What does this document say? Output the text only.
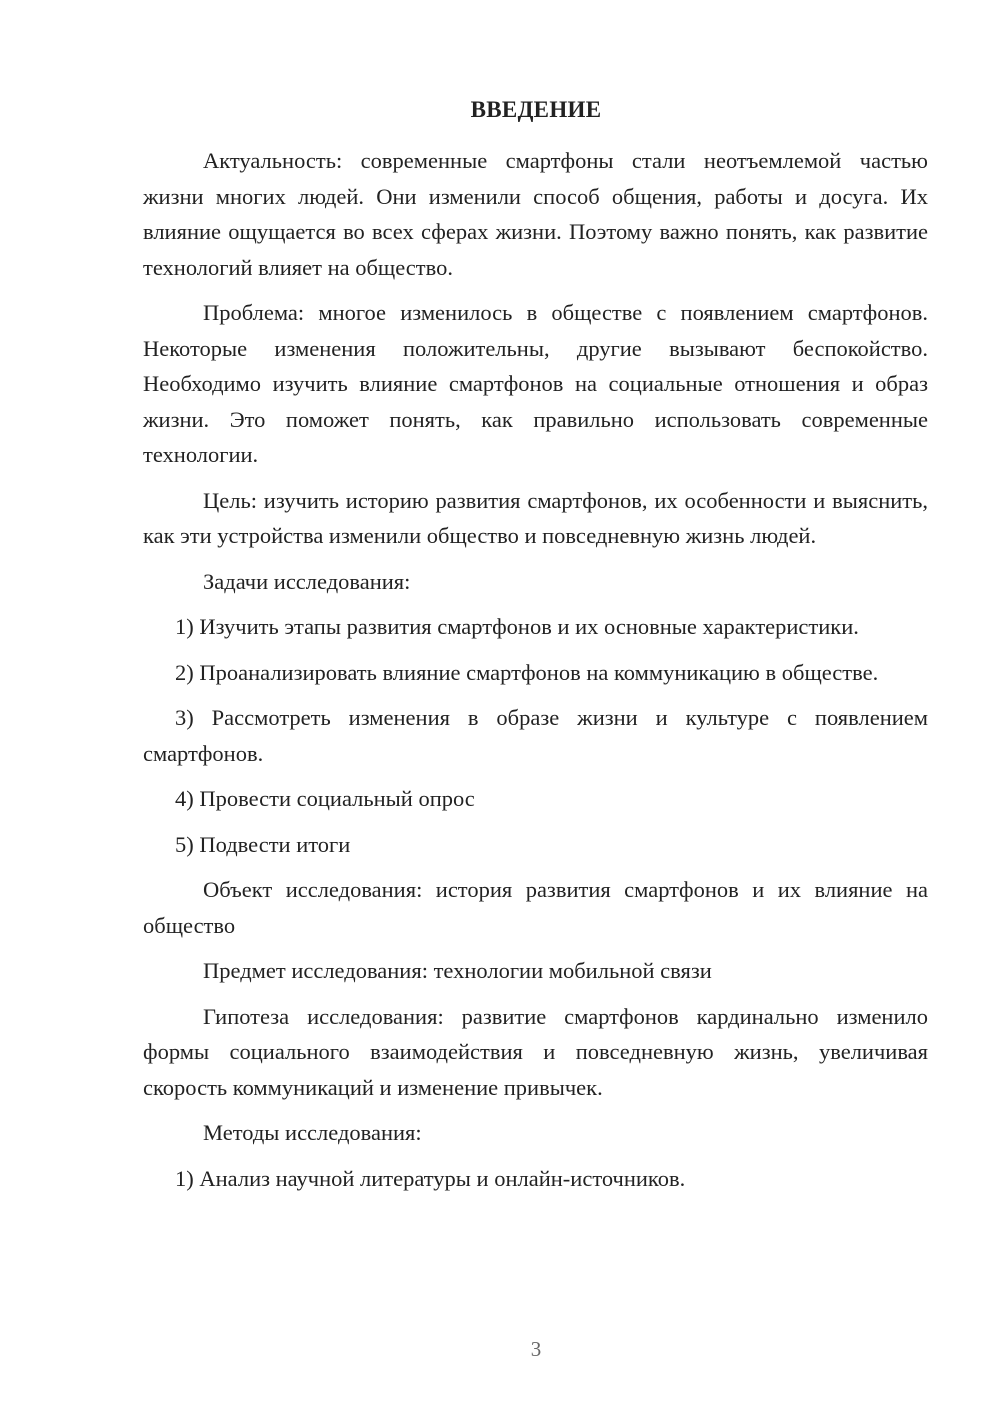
ВВЕДЕНИЕ

Актуальность: современные смартфоны стали неотъемлемой частью жизни многих людей. Они изменили способ общения, работы и досуга. Их влияние ощущается во всех сферах жизни. Поэтому важно понять, как развитие технологий влияет на общество.

Проблема: многое изменилось в обществе с появлением смартфонов. Некоторые изменения положительны, другие вызывают беспокойство. Необходимо изучить влияние смартфонов на социальные отношения и образ жизни. Это поможет понять, как правильно использовать современные технологии.

Цель: изучить историю развития смартфонов, их особенности и выяснить, как эти устройства изменили общество и повседневную жизнь людей.

Задачи исследования:

1) Изучить этапы развития смартфонов и их основные характеристики.

2) Проанализировать влияние смартфонов на коммуникацию в обществе.

3) Рассмотреть изменения в образе жизни и культуре с появлением смартфонов.

4) Провести социальный опрос

5) Подвести итоги

Объект исследования: история развития смартфонов и их влияние на общество

Предмет исследования: технологии мобильной связи

Гипотеза исследования: развитие смартфонов кардинально изменило формы социального взаимодействия и повседневную жизнь, увеличивая скорость коммуникаций и изменение привычек.

Методы исследования:

1) Анализ научной литературы и онлайн-источников.

3
